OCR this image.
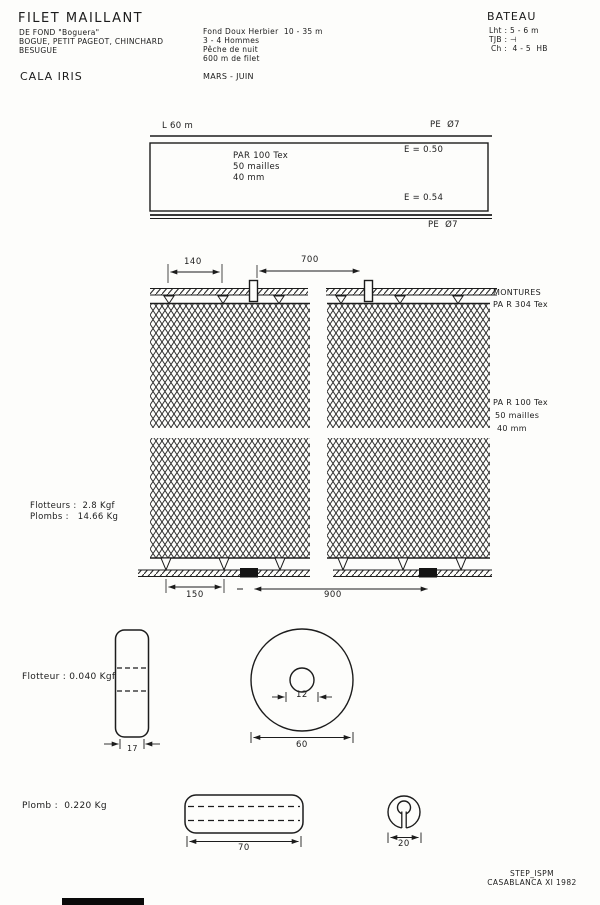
FILET MAILLANT
DE FOND "Boguera"
BOGUE, PETIT PAGEOT, CHINCHARD
BESUGUE
CALA IRIS
Fond Doux Herbier  10 - 35 m
3 - 4 Hommes
Pêche de nuit
600 m de filet
MARS - JUIN
BATEAU
Lht : 5 - 6 m
TJB : ⊣
Ch :  4 - 5  HB
L 60 m	PE  Ø7
E = 0.50
PAR 100 Tex
50 mailles
40 mm
E = 0.54
PE  Ø7
140	700
MONTURES
PA R 304 Tex
PA R 100 Tex
50 mailles
40 mm
Flotteurs :  2.8 Kgf
Plombs :   14.66 Kg
150	900
Flotteur : 0.040 Kgf
17
12
60
Plomb :  0.220 Kg
70	20
STEP_ISPM
CASABLANCA XI 1982
